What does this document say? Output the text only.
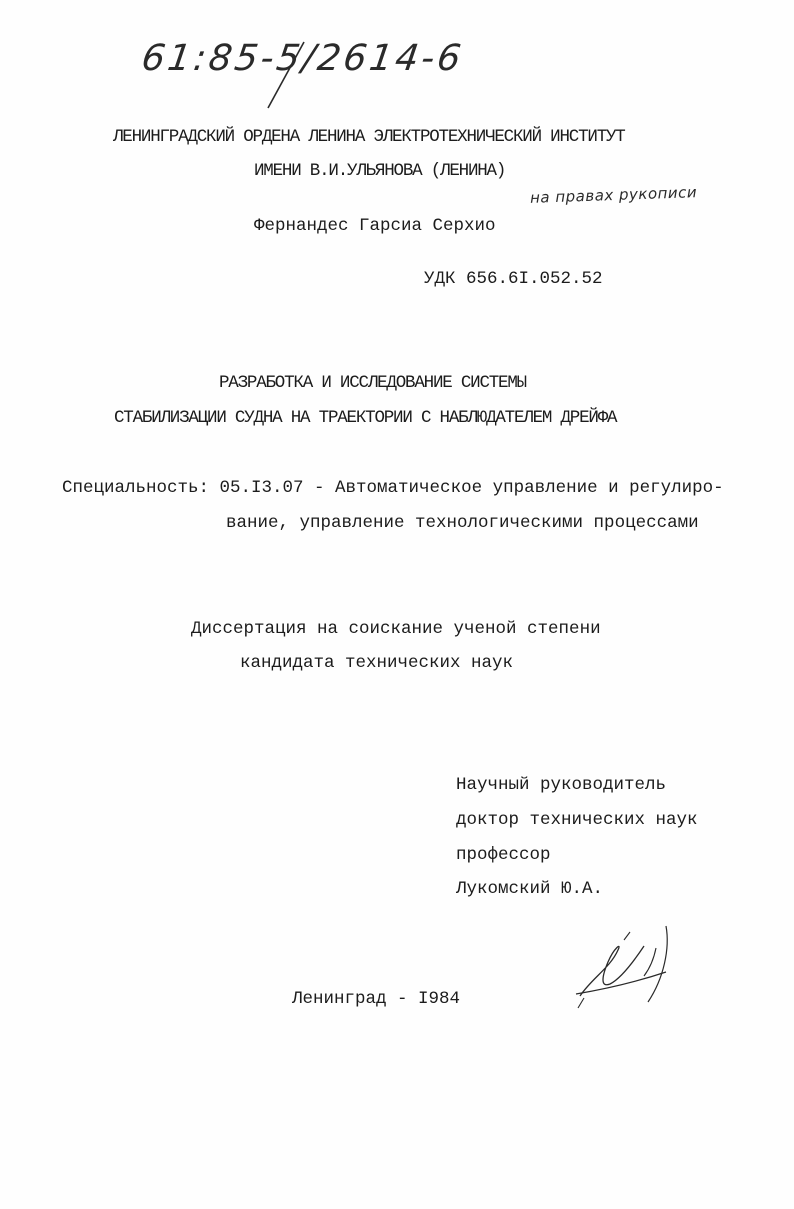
61:85-5/2614-6
ЛЕНИНГРАДСКИЙ ОРДЕНА ЛЕНИНА ЭЛЕКТРОТЕХНИЧЕСКИЙ ИНСТИТУТ
ИМЕНИ В.И.УЛЬЯНОВА (ЛЕНИНА)
на правах рукописи
Фернандес Гарсиа Серхио
УДК 656.6I.052.52
РАЗРАБОТКА И ИССЛЕДОВАНИЕ СИСТЕМЫ
СТАБИЛИЗАЦИИ СУДНА НА ТРАЕКТОРИИ С НАБЛЮДАТЕЛЕМ ДРЕЙФА
Специальность: 05.I3.07 - Автоматическое управление и регулиро-
вание, управление технологическими процессами
Диссертация на соискание ученой степени
кандидата технических наук
Научный руководитель
доктор технических наук
профессор
Лукомский Ю.А.
Ленинград - I984
